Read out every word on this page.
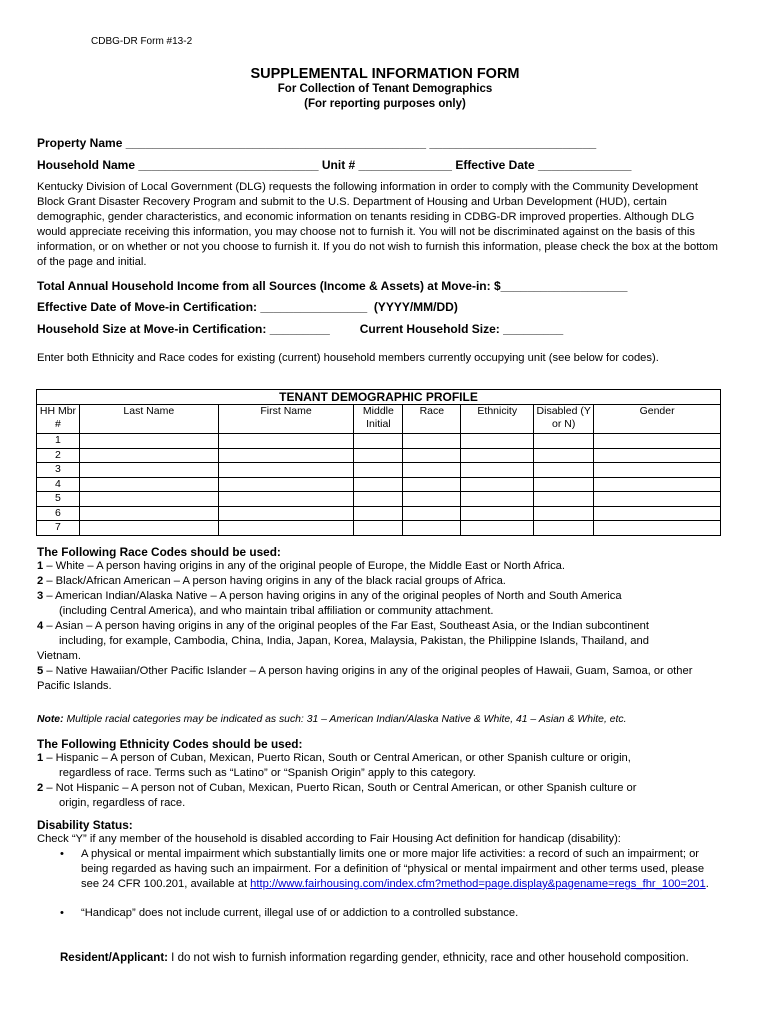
CDBG-DR Form #13-2
SUPPLEMENTAL INFORMATION FORM
For Collection of Tenant Demographics
(For reporting purposes only)
Property Name _____________________________________________ _________________________
Household Name ___________________________ Unit # ______________ Effective Date ______________
Kentucky Division of Local Government (DLG) requests the following information in order to comply with the Community Development Block Grant Disaster Recovery Program and submit to the U.S. Department of Housing and Urban Development (HUD), certain demographic, gender characteristics, and economic information on tenants residing in CDBG-DR improved properties. Although DLG would appreciate receiving this information, you may choose not to furnish it. You will not be discriminated against on the basis of this information, or on whether or not you choose to furnish it. If you do not wish to furnish this information, please check the box at the bottom of the page and initial.
Total Annual Household Income from all Sources (Income & Assets) at Move-in: $___________________
Effective Date of Move-in Certification: ________________  (YYYY/MM/DD)
Household Size at Move-in Certification: _________         Current Household Size: _________
Enter both Ethnicity and Race codes for existing (current) household members currently occupying unit (see below for codes).
TENANT DEMOGRAPHIC PROFILE							
HH Mbr #	Last Name	First Name	Middle Initial	Race	Ethnicity	Disabled (Y or N)	Gender
1							
2							
3							
4							
5							
6							
7							
The Following Race Codes should be used:
1 – White – A person having origins in any of the original people of Europe, the Middle East or North Africa.
2 – Black/African American – A person having origins in any of the black racial groups of Africa.
3 – American Indian/Alaska Native – A person having origins in any of the original peoples of North and South America
(including Central America), and who maintain tribal affiliation or community attachment.
4 – Asian – A person having origins in any of the original peoples of the Far East, Southeast Asia, or the Indian subcontinent
including, for example, Cambodia, China, India, Japan, Korea, Malaysia, Pakistan, the Philippine Islands, Thailand, and
Vietnam.
5 – Native Hawaiian/Other Pacific Islander – A person having origins in any of the original peoples of Hawaii, Guam, Samoa, or other Pacific Islands.
Note: Multiple racial categories may be indicated as such: 31 – American Indian/Alaska Native & White, 41 – Asian & White, etc.
The Following Ethnicity Codes should be used:
1 – Hispanic – A person of Cuban, Mexican, Puerto Rican, South or Central American, or other Spanish culture or origin,
regardless of race. Terms such as “Latino” or “Spanish Origin” apply to this category.
2 – Not Hispanic – A person not of Cuban, Mexican, Puerto Rican, South or Central American, or other Spanish culture or
origin, regardless of race.
Disability Status:
Check “Y” if any member of the household is disabled according to Fair Housing Act definition for handicap (disability):
•	A physical or mental impairment which substantially limits one or more major life activities: a record of such an impairment; or being regarded as having such an impairment. For a definition of “physical or mental impairment and other terms used, please see 24 CFR 100.201, available at http://www.fairhousing.com/index.cfm?method=page.display&pagename=regs_fhr_100=201.
•	“Handicap” does not include current, illegal use of or addiction to a controlled substance.
Resident/Applicant: I do not wish to furnish information regarding gender, ethnicity, race and other household composition.
